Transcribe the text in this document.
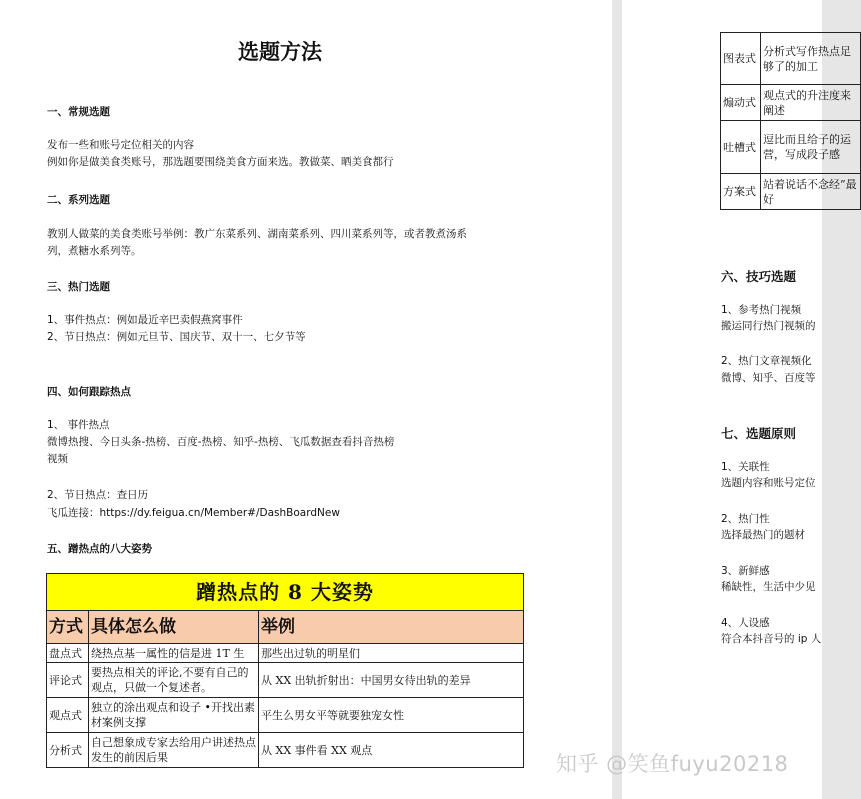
选题方法
一、常规选题
发布一些和账号定位相关的内容
例如你是做美食类账号，那选题要围绕美食方面来选。教做菜、晒美食都行
二、系列选题
教别人做菜的美食类账号举例：教广东菜系列、湖南菜系列、四川菜系列等，或者教煮汤系
列，煮糖水系列等。
三、热门选题
1、事件热点：例如最近辛巴卖假燕窝事件
2、节日热点：例如元旦节、国庆节、双十一、七夕节等
四、如何跟踪热点
1、 事件热点
微博热搜、今日头条-热榜、百度-热榜、知乎-热榜、飞瓜数据查看抖音热榜
视频
2、节日热点：查日历
飞瓜连接：https://dy.feigua.cn/Member#/DashBoardNew
五、蹭热点的八大姿势
蹭热点的 8 大姿势		
方式	具体怎么做	举例
盘点式	绕热点基一属性的信是进 1T 生	那些出过轨的明星们
评论式	要热点相关的评论,不要有自己的观点，只做一个复述者。	从 XX 出轨折射出：中国男女待出轨的差异
观点式	独立的涂出观点和设子 •开找出素材案例支撑	平生么男女平等就要独宠女性
分析式	自己想象成专家去给用户讲述热点发生的前因后果	从 XX 事件看 XX 观点
图表式	分析式写作热点足够了的加工
煽动式	观点式的升注度来阐述
吐槽式	逗比而且给子的运营，写成段子感
方案式	站着说话不念经”最好
六、技巧选题
1、参考热门视频
搬运同行热门视频的
2、热门文章视频化
微博、知乎、百度等
七、选题原则
1、关联性
选题内容和账号定位
2、热门性
选择最热门的题材
3、新鲜感
稀缺性，生活中少见
4、人设感
符合本抖音号的 ip 人
知乎 @笑鱼fuyu20218
